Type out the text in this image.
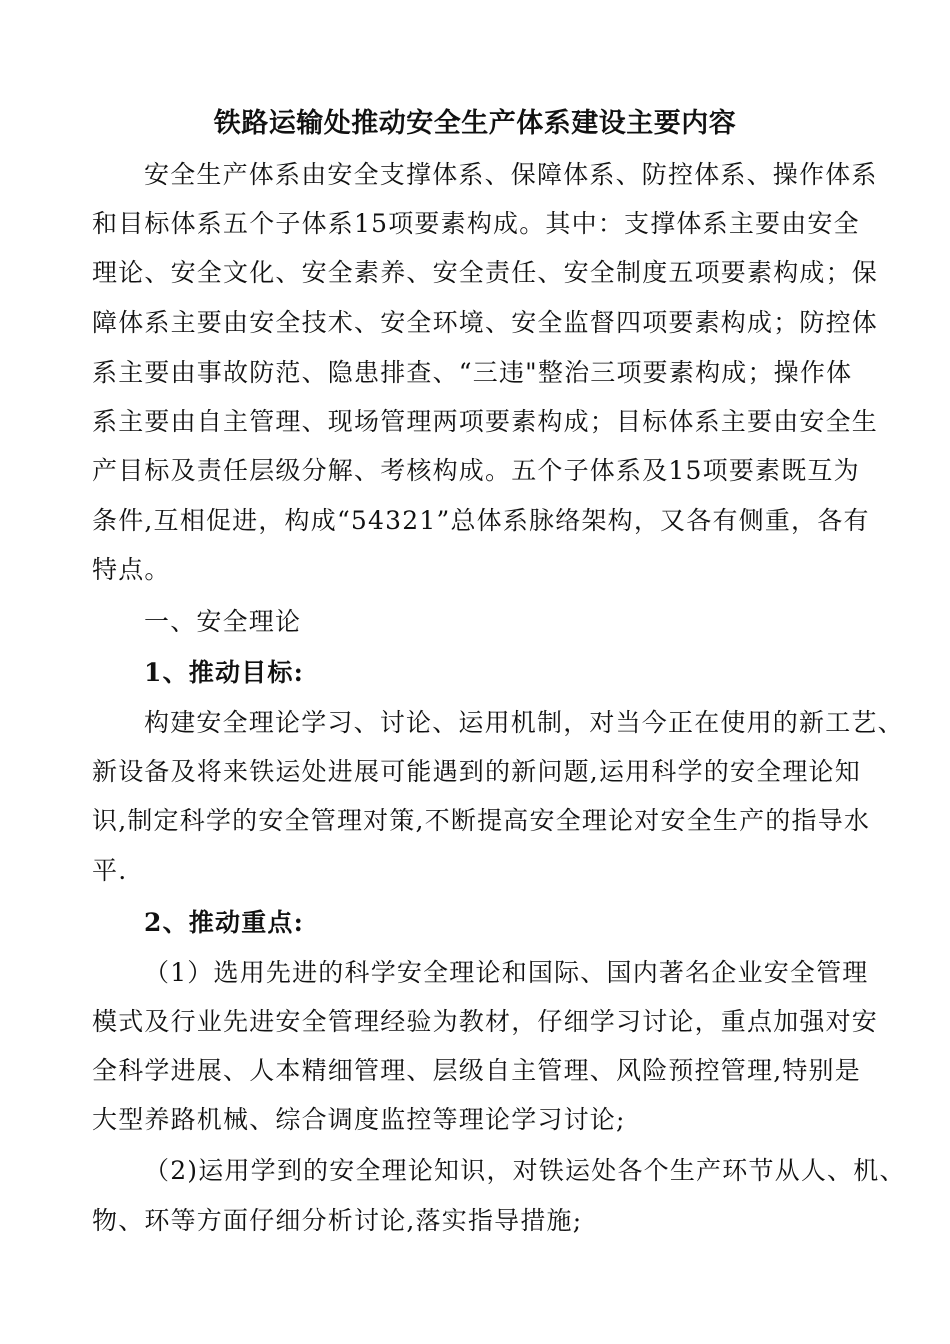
铁路运输处推动安全生产体系建设主要内容
安全生产体系由安全支撑体系、保障体系、防控体系、操作体系
和目标体系五个子体系15项要素构成。其中：支撑体系主要由安全
理论、安全文化、安全素养、安全责任、安全制度五项要素构成；保
障体系主要由安全技术、安全环境、安全监督四项要素构成；防控体
系主要由事故防范、隐患排查、“三违"整治三项要素构成；操作体
系主要由自主管理、现场管理两项要素构成；目标体系主要由安全生
产目标及责任层级分解、考核构成。五个子体系及15项要素既互为
条件,互相促进，构成“54321”总体系脉络架构，又各有侧重，各有
特点。
一、安全理论
1、推动目标:
构建安全理论学习、讨论、运用机制，对当今正在使用的新工艺、
新设备及将来铁运处进展可能遇到的新问题,运用科学的安全理论知
识,制定科学的安全管理对策,不断提高安全理论对安全生产的指导水
平.
2、推动重点:
（1）选用先进的科学安全理论和国际、国内著名企业安全管理
模式及行业先进安全管理经验为教材，仔细学习讨论，重点加强对安
全科学进展、人本精细管理、层级自主管理、风险预控管理,特别是
大型养路机械、综合调度监控等理论学习讨论;
（2)运用学到的安全理论知识，对铁运处各个生产环节从人、机、
物、环等方面仔细分析讨论,落实指导措施;
